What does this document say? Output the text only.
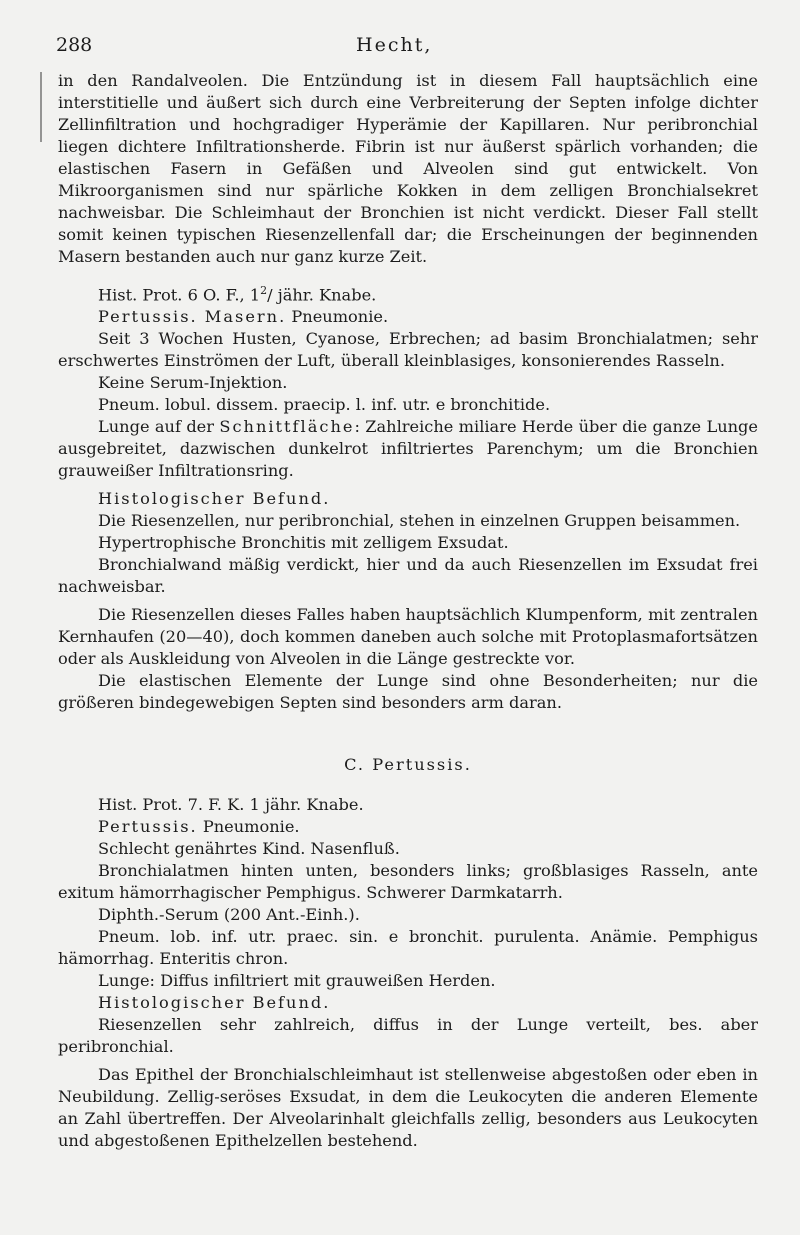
288	Hecht,

in den Randalveolen. Die Entzündung ist in diesem Fall hauptsächlich eine interstitielle und äußert sich durch eine Verbreiterung der Septen infolge dichter Zellinfiltration und hochgradiger Hyperämie der Kapillaren. Nur peribronchial liegen dichtere Infiltrationsherde. Fibrin ist nur äußerst spärlich vorhanden; die elastischen Fasern in Gefäßen und Alveolen sind gut entwickelt. Von Mikroorganismen sind nur spärliche Kokken in dem zelligen Bronchialsekret nachweisbar. Die Schleimhaut der Bronchien ist nicht verdickt. Dieser Fall stellt somit keinen typischen Riesenzellenfall dar; die Erscheinungen der beginnenden Masern bestanden auch nur ganz kurze Zeit.

Hist. Prot. 6 O. F., $1^2/$ jähr. Knabe.

Pertussis. Masern. Pneumonie.

Seit 3 Wochen Husten, Cyanose, Erbrechen; ad basim Bronchialatmen; sehr erschwertes Einströmen der Luft, überall kleinblasiges, konsonierendes Rasseln.

Keine Serum-Injektion.

Pneum. lobul. dissem. praecip. l. inf. utr. e bronchitide.

Lunge auf der Schnittfläche: Zahlreiche miliare Herde über die ganze Lunge ausgebreitet, dazwischen dunkelrot infiltriertes Parenchym; um die Bronchien grauweißer Infiltrationsring.

Histologischer Befund.

Die Riesenzellen, nur peribronchial, stehen in einzelnen Gruppen beisammen.

Hypertrophische Bronchitis mit zelligem Exsudat.

Bronchialwand mäßig verdickt, hier und da auch Riesenzellen im Exsudat frei nachweisbar.

Die Riesenzellen dieses Falles haben hauptsächlich Klumpenform, mit zentralen Kernhaufen (20—40), doch kommen daneben auch solche mit Protoplasmafortsätzen oder als Auskleidung von Alveolen in die Länge gestreckte vor.

Die elastischen Elemente der Lunge sind ohne Besonderheiten; nur die größeren bindegewebigen Septen sind besonders arm daran.

C. Pertussis.

Hist. Prot. 7. F. K. 1 jähr. Knabe.

Pertussis. Pneumonie.

Schlecht genährtes Kind. Nasenfluß.

Bronchialatmen hinten unten, besonders links; großblasiges Rasseln, ante exitum hämorrhagischer Pemphigus. Schwerer Darmkatarrh.

Diphth.-Serum (200 Ant.-Einh.).

Pneum. lob. inf. utr. praec. sin. e bronchit. purulenta. Anämie. Pemphigus hämorrhag. Enteritis chron.

Lunge: Diffus infiltriert mit grauweißen Herden.

Histologischer Befund.

Riesenzellen sehr zahlreich, diffus in der Lunge verteilt, bes. aber peribronchial.

Das Epithel der Bronchialschleimhaut ist stellenweise abgestoßen oder eben in Neubildung. Zellig-seröses Exsudat, in dem die Leukocyten die anderen Elemente an Zahl übertreffen. Der Alveolarinhalt gleichfalls zellig, besonders aus Leukocyten und abgestoßenen Epithelzellen bestehend.
